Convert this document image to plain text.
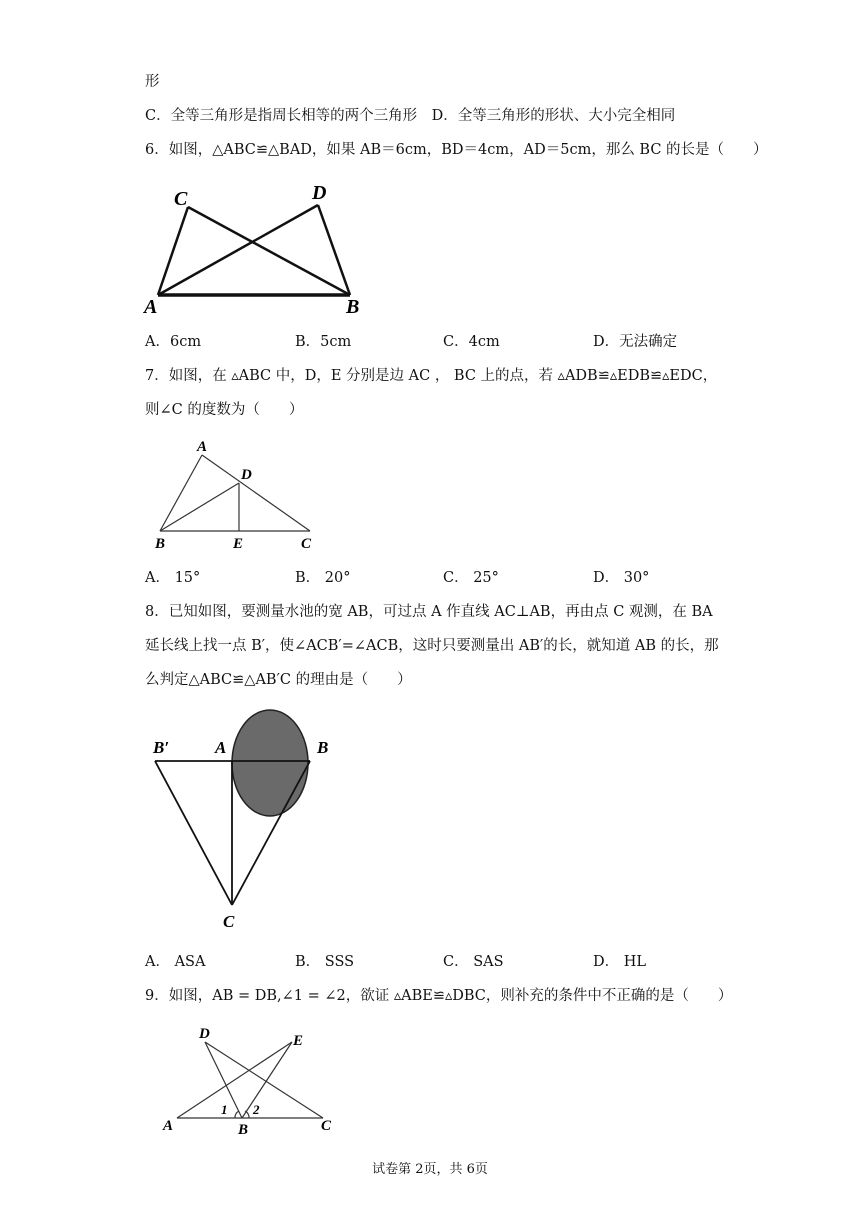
形
C．全等三角形是指周长相等的两个三角形　D．全等三角形的形状、大小完全相同
6．如图，△ABC≌△BAD，如果 AB＝6cm，BD＝4cm，AD＝5cm，那么 BC 的长是（　　）
C	D
A	B
A．6cm	B．5cm	C．4cm	D．无法确定
7．如图，在 ▵ABC 中，D，E 分别是边 AC ， BC 上的点，若 ▵ADB≌▵EDB≌▵EDC，
则∠C 的度数为（　　）
A
D
B	E	C
A． 15°	B． 20°	C． 25°	D． 30°
8．已知如图，要测量水池的宽 AB，可过点 A 作直线 AC⊥AB，再由点 C 观测，在 BA
延长线上找一点 B′，使∠ACB′=∠ACB，这时只要测量出 AB′的长，就知道 AB 的长，那
么判定△ABC≌△AB′C 的理由是（　　）
B′	A	B
C
A． ASA	B． SSS	C． SAS	D． HL
9．如图，AB = DB,∠1 = ∠2，欲证 ▵ABE≌▵DBC，则补充的条件中不正确的是（　　）
D	E
A	B	C
1 2
试卷第 2页，共 6页
